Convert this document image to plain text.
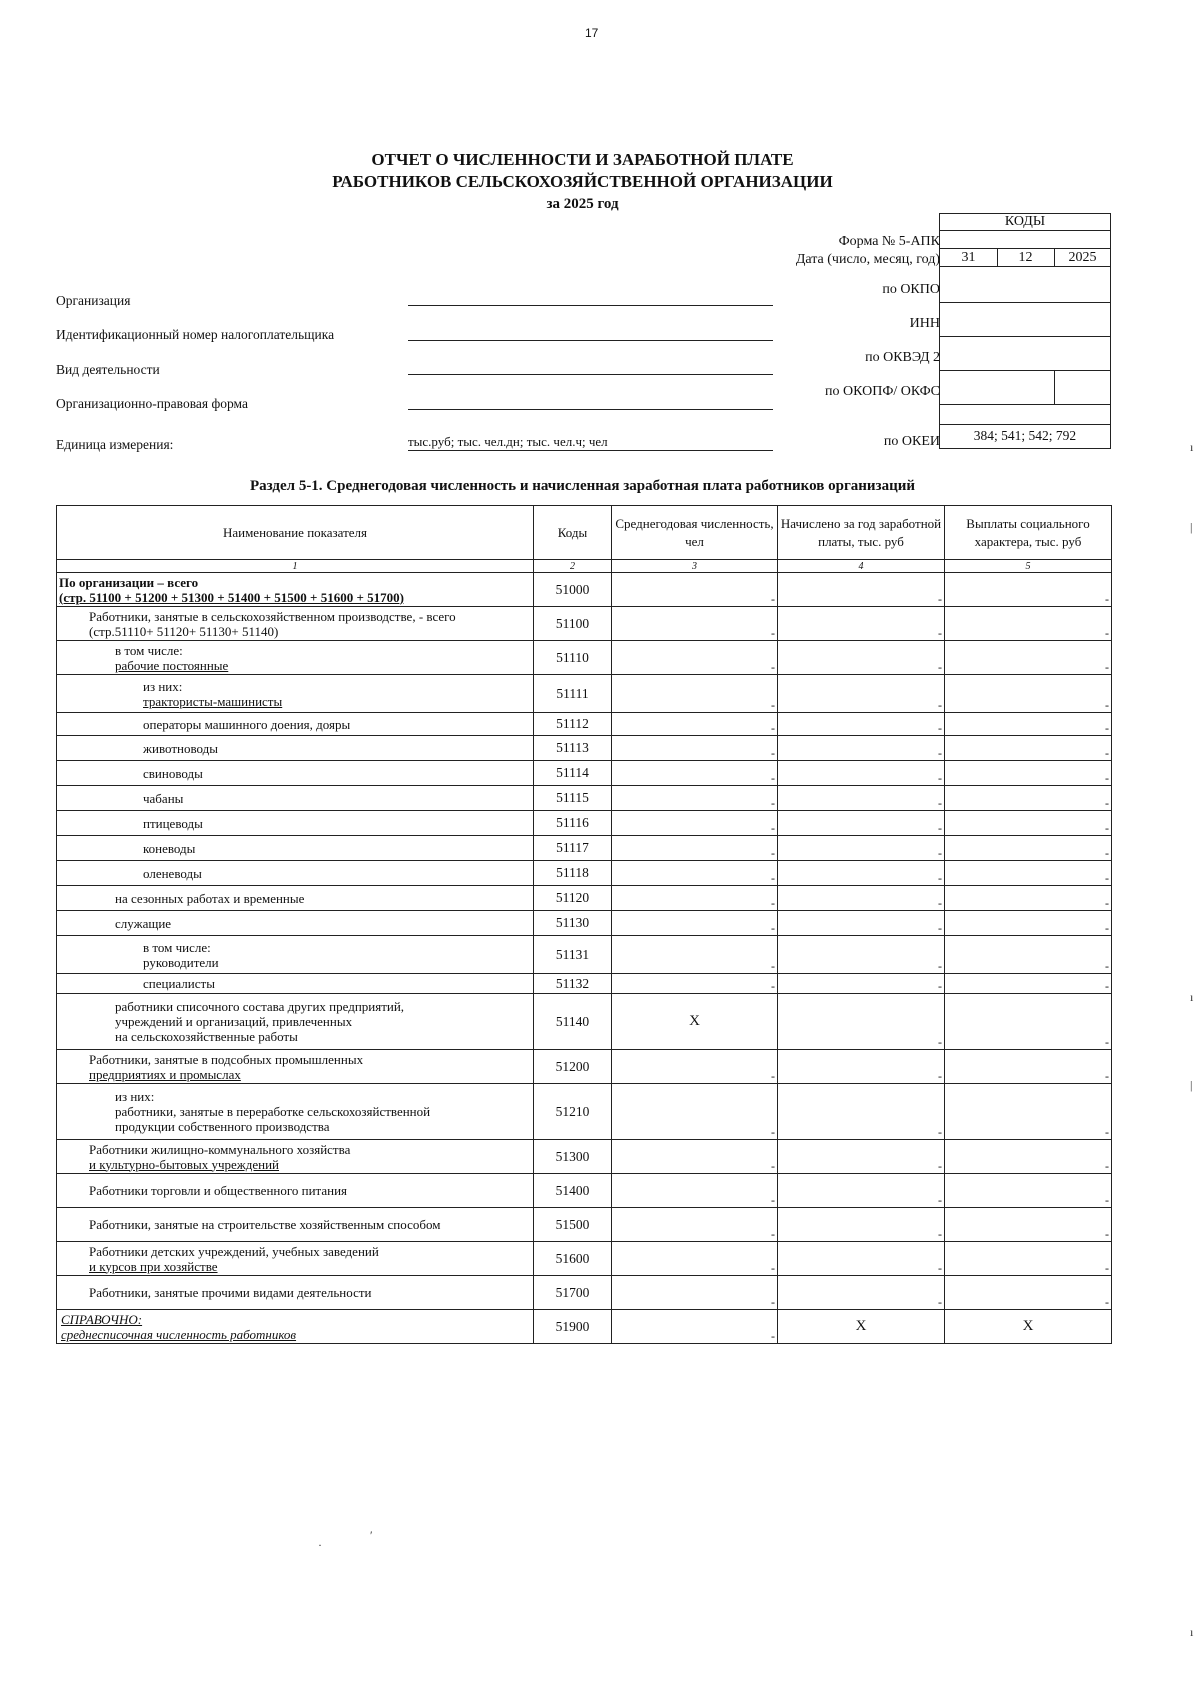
17
ОТЧЕТ О ЧИСЛЕННОСТИ И ЗАРАБОТНОЙ ПЛАТЕ
РАБОТНИКОВ СЕЛЬСКОХОЗЯЙСТВЕННОЙ ОРГАНИЗАЦИИ
за 2025 год
КОДЫ
31	12	2025
384; 541; 542; 792
Форма № 5-АПК
Дата (число, месяц, год)
по ОКПО
ИНН
по ОКВЭД 2
по ОКОПФ/ ОКФС
по ОКЕИ
Организация
Идентификационный номер налогоплательщика
Вид деятельности
Организационно-правовая форма
Единица измерения:	тыс.руб; тыс. чел.дн; тыс. чел.ч; чел
Раздел 5-1. Среднегодовая численность и начисленная заработная плата работников организаций
Наименование показателя	Коды	Среднегодовая численность, чел	Начислено за год заработной платы, тыс. руб	Выплаты социального характера, тыс. руб
1	2	3	4	5

По организации – всего
(стр. 51100 + 51200 + 51300 + 51400 + 51500 + 51600 + 51700)	51000	-	-	-

Работники, занятые в сельскохозяйственном производстве, - всего
(стр.51110+ 51120+ 51130+ 51140)	51100	-	-	-

в том числе:
рабочие постоянные	51110	-	-	-

из них:
трактористы-машинисты	51111	-	-	-

операторы машинного доения, дояры	51112	-	-	-

животноводы	51113	-	-	-

свиноводы	51114	-	-	-

чабаны	51115	-	-	-

птицеводы	51116	-	-	-

коневоды	51117	-	-	-

оленеводы	51118	-	-	-

на сезонных работах и временные	51120	-	-	-

служащие	51130	-	-	-

в том числе:
руководители	51131	-	-	-

специалисты	51132	-	-	-

работники списочного состава других предприятий,
учреждений и организаций, привлеченных
на сельскохозяйственные работы	51140	X	-	-

Работники, занятые в подсобных промышленных
предприятиях и промыслах	51200	-	-	-

из них:
работники, занятые в переработке сельскохозяйственной
продукции собственного производства	51210	-	-	-

Работники жилищно-коммунального хозяйства
и культурно-бытовых учреждений	51300	-	-	-

Работники торговли и общественного питания	51400	-	-	-

Работники, занятые на строительстве хозяйственным способом	51500	-	-	-

Работники детских учреждений, учебных заведений
и курсов при хозяйстве	51600	-	-	-

Работники, занятые прочими видами деятельности	51700	-	-	-

СПРАВОЧНО:
среднесписочная численность работников	51900	-	X	X
ı
|
ı
|
·
′
ı
